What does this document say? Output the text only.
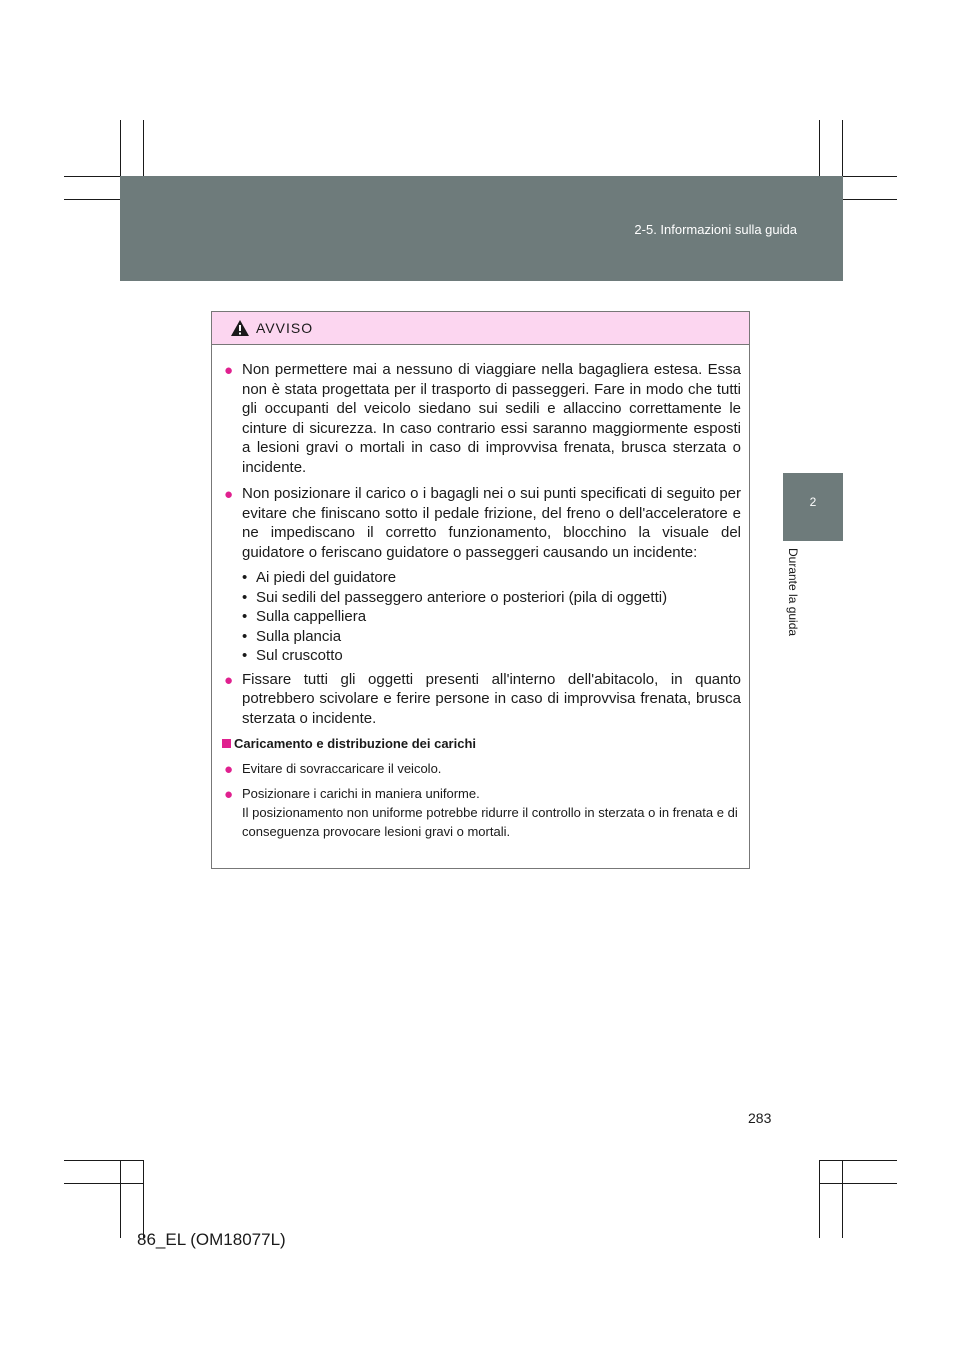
2-5. Informazioni sulla guida
2
Durante la guida
AVVISO
● Non permettere mai a nessuno di viaggiare nella bagagliera estesa. Essa non è stata progettata per il trasporto di passeggeri. Fare in modo che tutti gli occupanti del veicolo siedano sui sedili e allaccino correttamente le cinture di sicurezza. In caso contrario essi saranno maggiormente esposti a lesioni gravi o mortali in caso di improvvisa frenata, brusca sterzata o incidente.
● Non posizionare il carico o i bagagli nei o sui punti specificati di seguito per evitare che finiscano sotto il pedale frizione, del freno o dell'acceleratore e ne impediscano il corretto funzionamento, blocchino la visuale del guidatore o feriscano guidatore o passeggeri causando un incidente:
• Ai piedi del guidatore
• Sui sedili del passeggero anteriore o posteriori (pila di oggetti)
• Sulla cappelliera
• Sulla plancia
• Sul cruscotto
● Fissare tutti gli oggetti presenti all'interno dell'abitacolo, in quanto potrebbero scivolare e ferire persone in caso di improvvisa frenata, brusca sterzata o incidente.
Caricamento e distribuzione dei carichi
● Evitare di sovraccaricare il veicolo.
● Posizionare i carichi in maniera uniforme.
Il posizionamento non uniforme potrebbe ridurre il controllo in sterzata o in frenata e di conseguenza provocare lesioni gravi o mortali.
283
86_EL (OM18077L)
